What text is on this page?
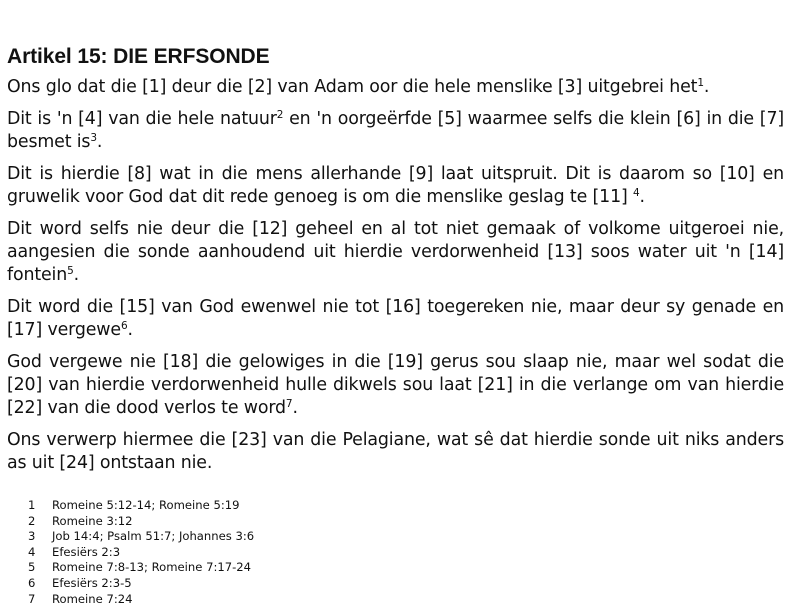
Artikel 15: DIE ERFSONDE

Ons glo dat die [1] deur die [2] van Adam oor die hele menslike [3] uitgebrei het$^1$.

Dit is 'n [4] van die hele natuur$^2$ en 'n oorgeërfde [5] waarmee selfs die klein [6] in die [7] besmet $is^3$.

Dit is hierdie [8] wat in die mens allerhande [9] laat uitspruit. Dit is daarom so [10] en gruwelik voor God dat dit rede genoeg is om die menslike geslag te [11] $^4$.

Dit word selfs nie deur die [12] geheel en al tot niet gemaak of volkome uitgeroei nie, aangesien die sonde aanhoudend uit hierdie verdorwenheid [13] soos water uit 'n [14] fontein$^5$.

Dit word die [15] van God ewenwel nie tot [16] toegereken nie, maar deur sy genade en [17] vergewe$^6$.

God vergewe nie [18] die gelowiges in die [19] gerus sou slaap nie, maar wel sodat die [20] van hierdie verdorwenheid hulle dikwels sou laat [21] in die verlange om van hierdie [22] van die dood verlos te word$^7$.

Ons verwerp hiermee die [23] van die Pelagiane, wat sê dat hierdie sonde uit niks anders as uit [24] ontstaan nie.

1	Romeine 5:12-14; Romeine 5:19
2	Romeine 3:12
3	Job 14:4; Psalm 51:7; Johannes 3:6
4	Efesiërs 2:3
5	Romeine 7:8-13; Romeine 7:17-24
6	Efesiërs 2:3-5
7	Romeine 7:24
